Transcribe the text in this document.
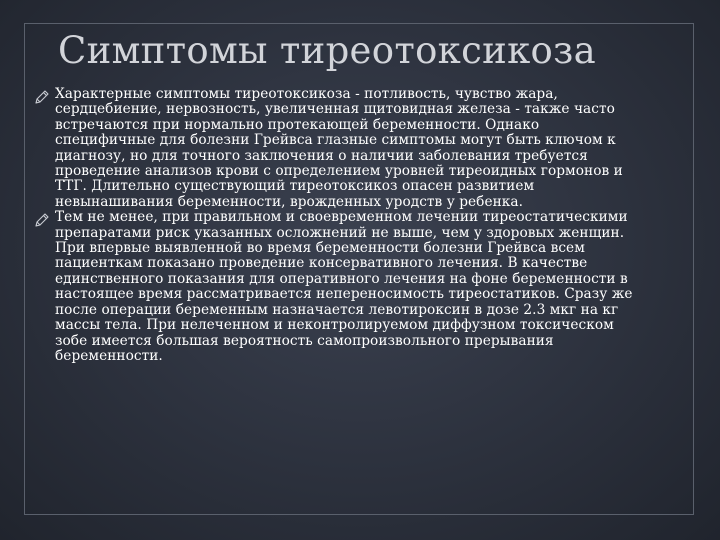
Симптомы тиреотоксикоза
Характерные симптомы тиреотоксикоза - потливость, чувство жара, сердцебиение, нервозность, увеличенная щитовидная железа - также часто встречаются при нормально протекающей беременности. Однако специфичные для болезни Грейвса глазные симптомы могут быть ключом к диагнозу, но для точного заключения о наличии заболевания требуется проведение анализов крови с определением уровней тиреоидных гормонов и ТТГ. Длительно существующий тиреотоксикоз опасен развитием невынашивания беременности, врожденных уродств у ребенка.
Тем не менее, при правильном и своевременном лечении тиреостатическими препаратами риск указанных осложнений не выше, чем у здоровых женщин. При впервые выявленной во время беременности болезни Грейвса всем пациенткам показано проведение консервативного лечения. В качестве единственного показания для оперативного лечения на фоне беременности в настоящее время рассматривается непереносимость тиреостатиков. Сразу же после операции беременным назначается левотироксин в дозе 2.3 мкг на кг массы тела. При нелеченном и неконтролируемом диффузном токсическом зобе имеется большая вероятность самопроизвольного прерывания беременности.
